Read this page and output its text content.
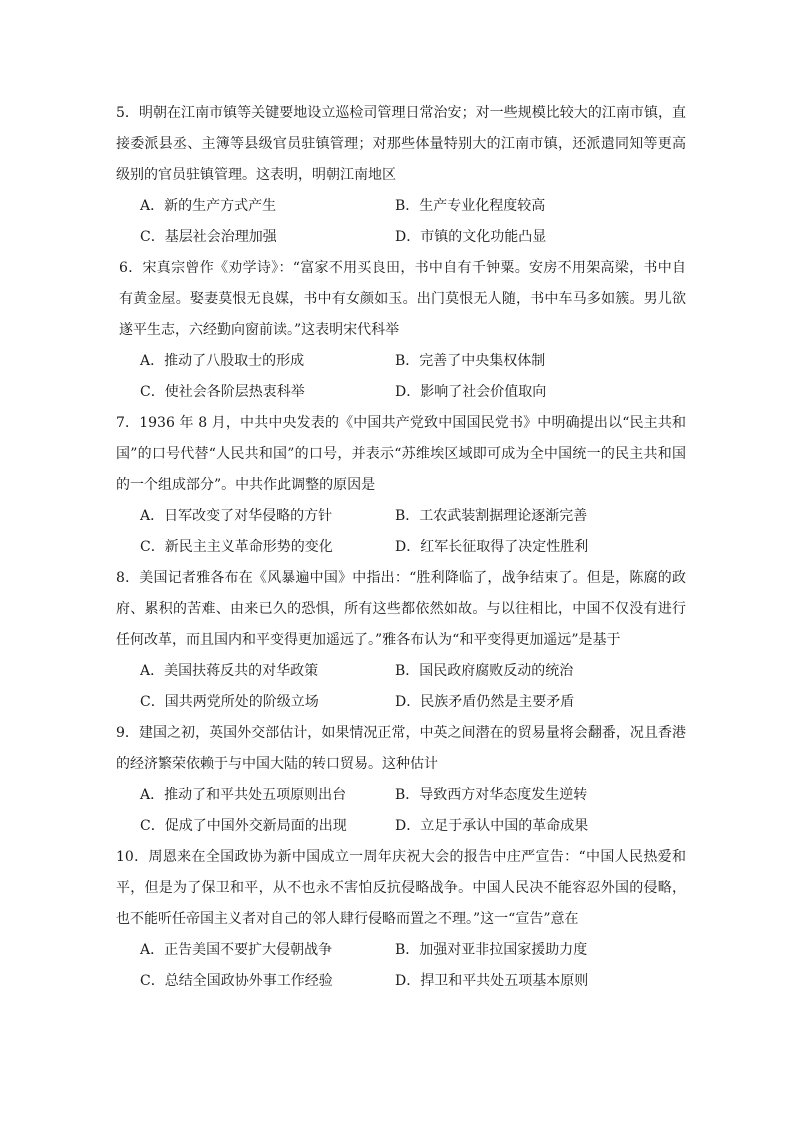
5．明朝在江南市镇等关键要地设立巡检司管理日常治安；对一些规模比较大的江南市镇，直接委派县丞、主簿等县级官员驻镇管理；对那些体量特别大的江南市镇，还派遣同知等更高级别的官员驻镇管理。这表明，明朝江南地区

A．新的生产方式产生	B．生产专业化程度较高
C．基层社会治理加强	D．市镇的文化功能凸显

6．宋真宗曾作《劝学诗》：“富家不用买良田，书中自有千钟粟。安房不用架高梁，书中自有黄金屋。娶妻莫恨无良媒，书中有女颜如玉。出门莫恨无人随，书中车马多如簇。男儿欲遂平生志，六经勤向窗前读。”这表明宋代科举

A．推动了八股取士的形成	B．完善了中央集权体制
C．使社会各阶层热衷科举	D．影响了社会价值取向

7．1936 年 8 月，中共中央发表的《中国共产党致中国国民党书》中明确提出以“民主共和国”的口号代替“人民共和国”的口号，并表示“苏维埃区域即可成为全中国统一的民主共和国的一个组成部分”。中共作此调整的原因是

A．日军改变了对华侵略的方针	B．工农武装割据理论逐渐完善
C．新民主主义革命形势的变化	D．红军长征取得了决定性胜利

8．美国记者雅各布在《风暴遍中国》中指出：“胜利降临了，战争结束了。但是，陈腐的政府、累积的苦难、由来已久的恐惧，所有这些都依然如故。与以往相比，中国不仅没有进行任何改革，而且国内和平变得更加遥远了。”雅各布认为“和平变得更加遥远”是基于

A．美国扶蒋反共的对华政策	B．国民政府腐败反动的统治
C．国共两党所处的阶级立场	D．民族矛盾仍然是主要矛盾

9．建国之初，英国外交部估计，如果情况正常，中英之间潜在的贸易量将会翻番，况且香港的经济繁荣依赖于与中国大陆的转口贸易。这种估计

A．推动了和平共处五项原则出台	B．导致西方对华态度发生逆转
C．促成了中国外交新局面的出现	D．立足于承认中国的革命成果

10．周恩来在全国政协为新中国成立一周年庆祝大会的报告中庄严宣告：“中国人民热爱和平，但是为了保卫和平，从不也永不害怕反抗侵略战争。中国人民决不能容忍外国的侵略，也不能听任帝国主义者对自己的邻人肆行侵略而置之不理。”这一“宣告”意在

A．正告美国不要扩大侵朝战争	B．加强对亚非拉国家援助力度
C．总结全国政协外事工作经验	D．捍卫和平共处五项基本原则
